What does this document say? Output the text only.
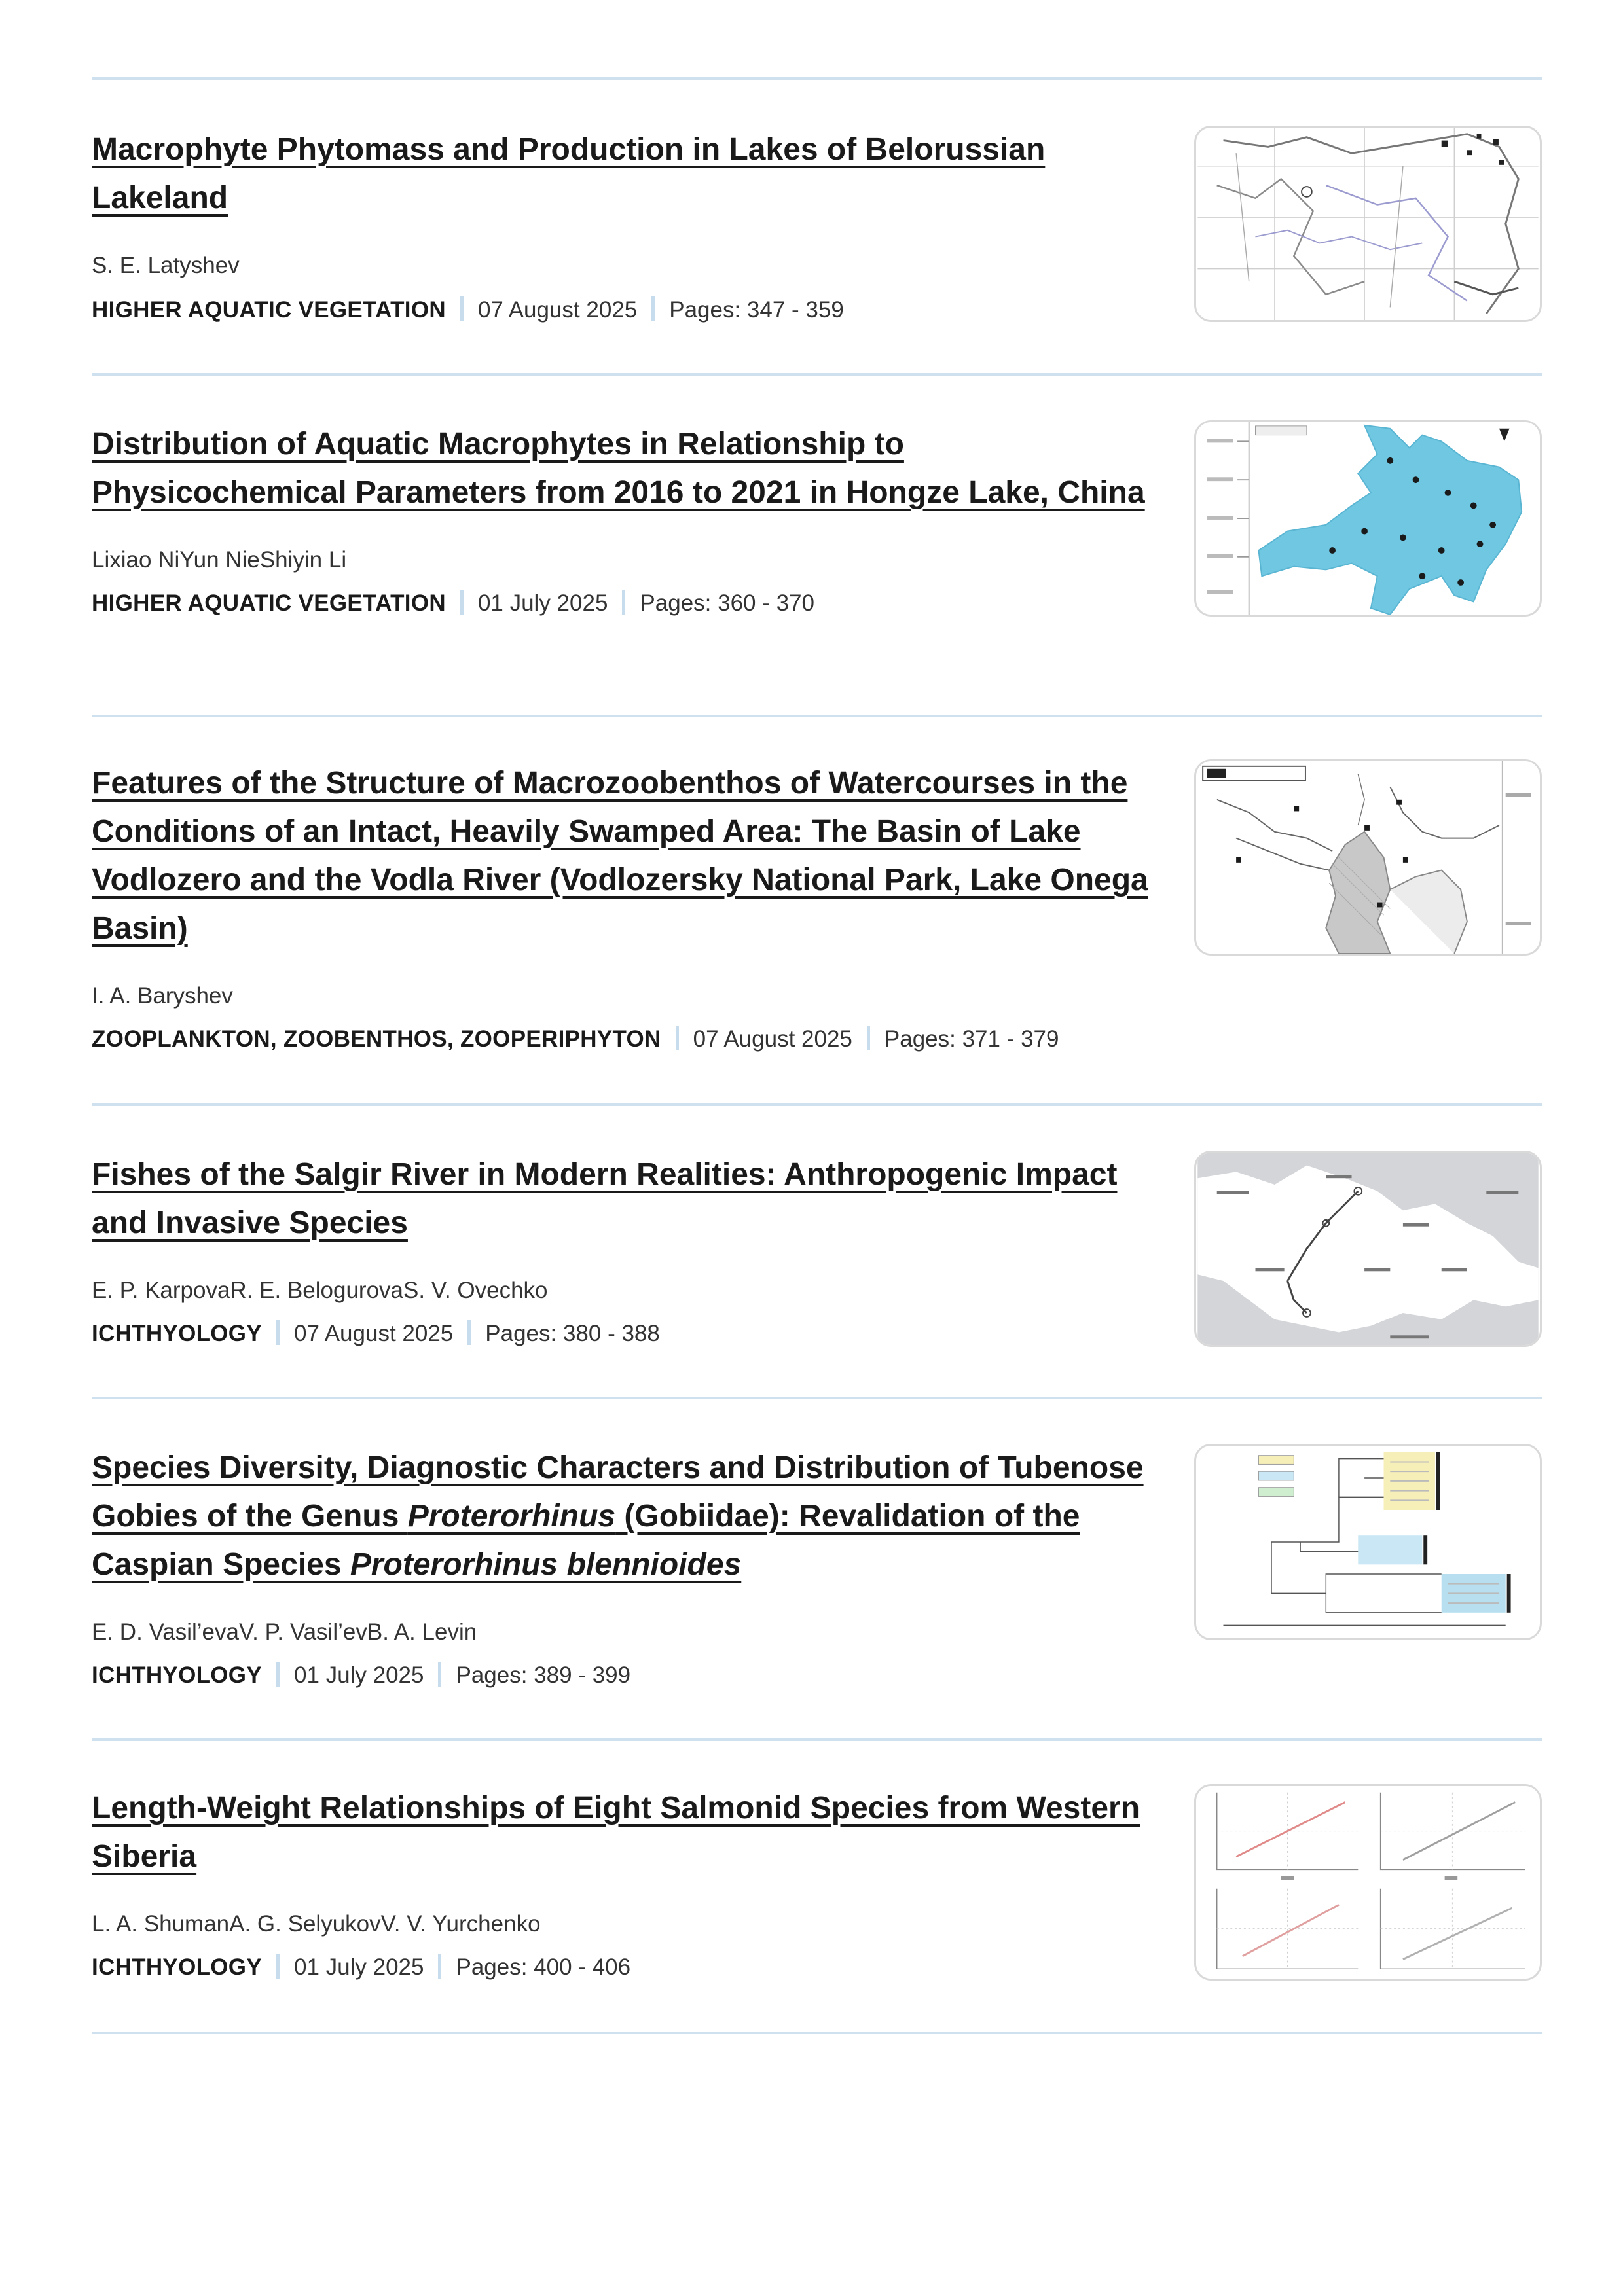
Macrophyte Phytomass and Production in Lakes of Belorussian Lakeland

S. E. Latyshev

HIGHER AQUATIC VEGETATION 07 August 2025 Pages: 347 - 359
Distribution of Aquatic Macrophytes in Relationship to Physicochemical Parameters from 2016 to 2021 in Hongze Lake, China

Lixiao NiYun NieShiyin Li

HIGHER AQUATIC VEGETATION 01 July 2025 Pages: 360 - 370
Features of the Structure of Macrozoobenthos of Watercourses in the Conditions of an Intact, Heavily Swamped Area: The Basin of Lake Vodlozero and the Vodla River (Vodlozersky National Park, Lake Onega Basin)

I. A. Baryshev

ZOOPLANKTON, ZOOBENTHOS, ZOOPERIPHYTON 07 August 2025 Pages: 371 - 379
Fishes of the Salgir River in Modern Realities: Anthropogenic Impact and Invasive Species

E. P. KarpovaR. E. BelogurovaS. V. Ovechko

ICHTHYOLOGY 07 August 2025 Pages: 380 - 388
Species Diversity, Diagnostic Characters and Distribution of Tubenose Gobies of the Genus Proterorhinus (Gobiidae): Revalidation of the Caspian Species Proterorhinus blennioides

E. D. Vasil’evaV. P. Vasil’evB. A. Levin

ICHTHYOLOGY 01 July 2025 Pages: 389 - 399
Length-Weight Relationships of Eight Salmonid Species from Western Siberia

L. A. ShumanA. G. SelyukovV. V. Yurchenko

ICHTHYOLOGY 01 July 2025 Pages: 400 - 406
